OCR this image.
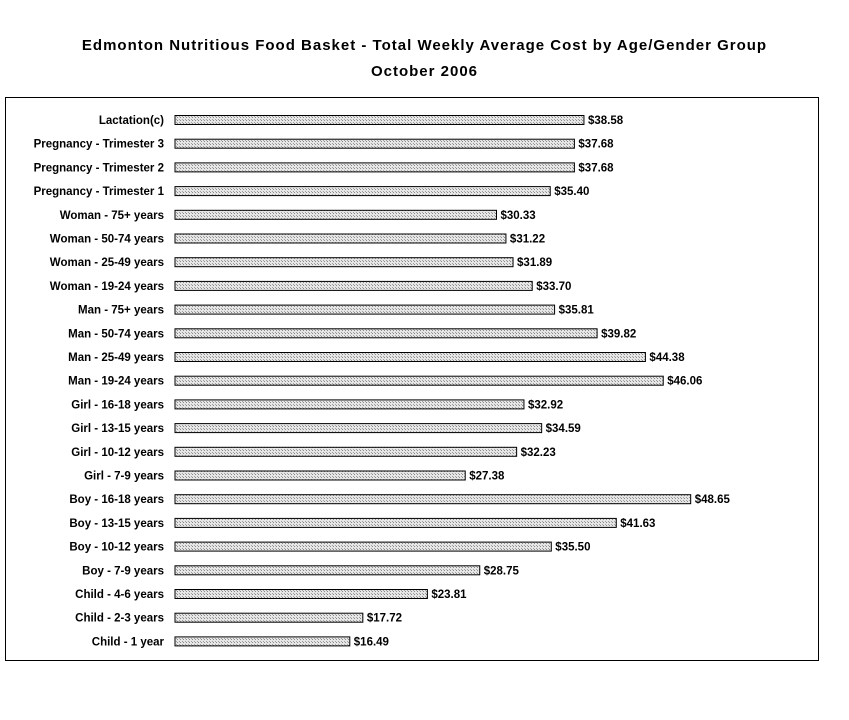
Edmonton Nutritious Food Basket - Total Weekly Average Cost by Age/Gender Group
October 2006
Lactation(c)	$38.58
Pregnancy - Trimester 3	$37.68
Pregnancy - Trimester 2	$37.68
Pregnancy - Trimester 1	$35.40
Woman - 75+ years	$30.33
Woman - 50-74 years	$31.22
Woman - 25-49 years	$31.89
Woman - 19-24 years	$33.70
Man - 75+ years	$35.81
Man - 50-74 years	$39.82
Man - 25-49 years	$44.38
Man - 19-24 years	$46.06
Girl - 16-18 years	$32.92
Girl - 13-15 years	$34.59
Girl - 10-12 years	$32.23
Girl - 7-9 years	$27.38
Boy - 16-18 years	$48.65
Boy - 13-15 years	$41.63
Boy - 10-12 years	$35.50
Boy - 7-9 years	$28.75
Child - 4-6 years	$23.81
Child - 2-3 years	$17.72
Child - 1 year	$16.49
